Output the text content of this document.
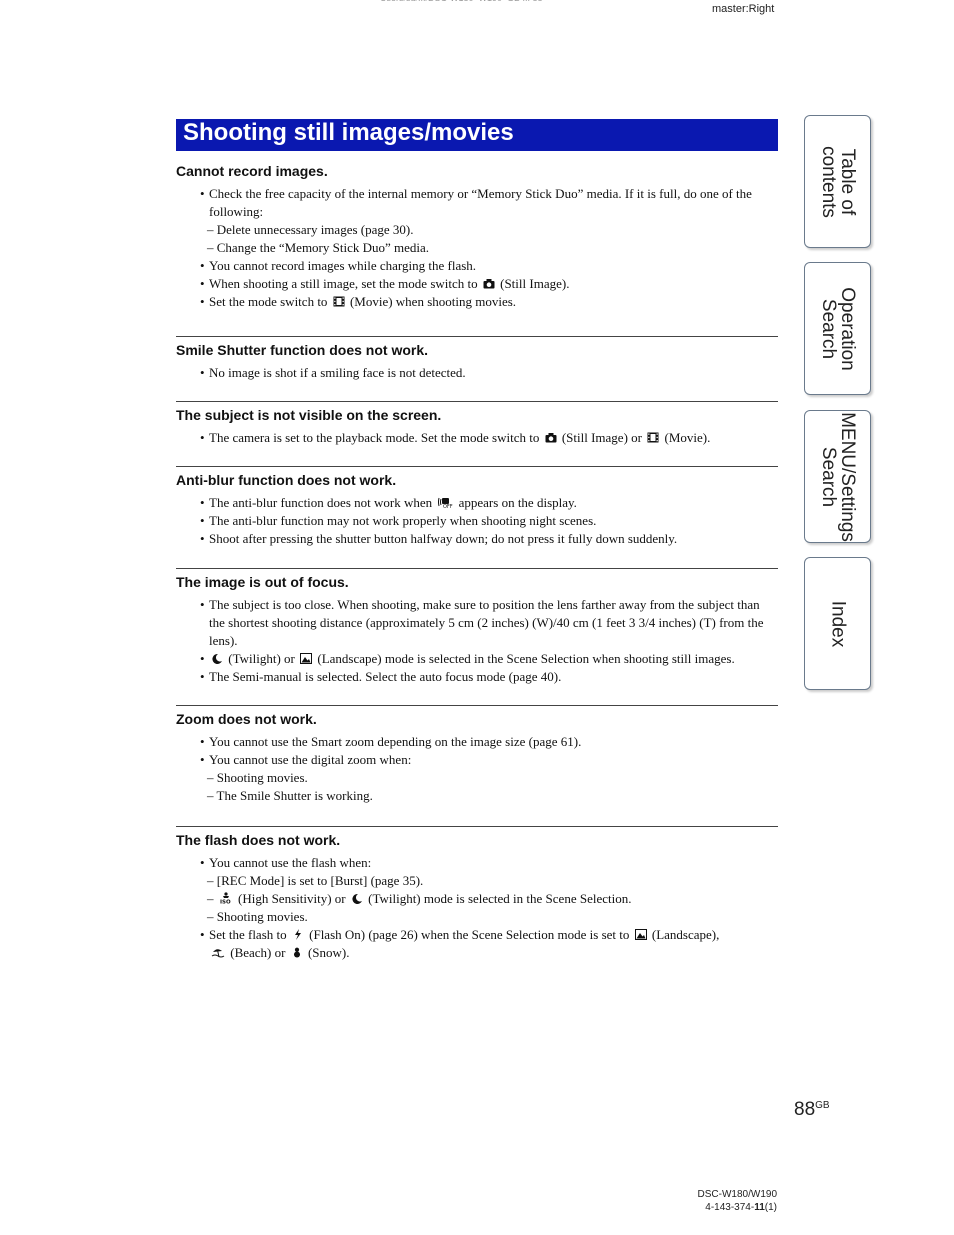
master:Right
Shooting still images/movies
Cannot record images.
• Check the free capacity of the internal memory or “Memory Stick Duo” media. If it is full, do one of the following:
– Delete unnecessary images (page 30).
– Change the “Memory Stick Duo” media.
• You cannot record images while charging the flash.
• When shooting a still image, set the mode switch to (Still Image).
• Set the mode switch to (Movie) when shooting movies.
Smile Shutter function does not work.
• No image is shot if a smiling face is not detected.
The subject is not visible on the screen.
• The camera is set to the playback mode. Set the mode switch to (Still Image) or (Movie).
Anti-blur function does not work.
• The anti-blur function does not work when appears on the display.
• The anti-blur function may not work properly when shooting night scenes.
• Shoot after pressing the shutter button halfway down; do not press it fully down suddenly.
The image is out of focus.
• The subject is too close. When shooting, make sure to position the lens farther away from the subject than the shortest shooting distance (approximately 5 cm (2 inches) (W)/40 cm (1 feet 3 3/4 inches) (T) from the lens).
• (Twilight) or (Landscape) mode is selected in the Scene Selection when shooting still images.
• The Semi-manual is selected. Select the auto focus mode (page 40).
Zoom does not work.
• You cannot use the Smart zoom depending on the image size (page 61).
• You cannot use the digital zoom when:
– Shooting movies.
– The Smile Shutter is working.
The flash does not work.
• You cannot use the flash when:
– [REC Mode] is set to [Burst] (page 35).
–  (High Sensitivity) or (Twilight) mode is selected in the Scene Selection.
– Shooting movies.
• Set the flash to (Flash On) (page 26) when the Scene Selection mode is set to (Landscape),
(Beach) or (Snow).
Table of
contents
Operation
Search
MENU/Settings
Search
Index
$88^{GB}$
DSC-W180/W190
4-143-374-11(1)
